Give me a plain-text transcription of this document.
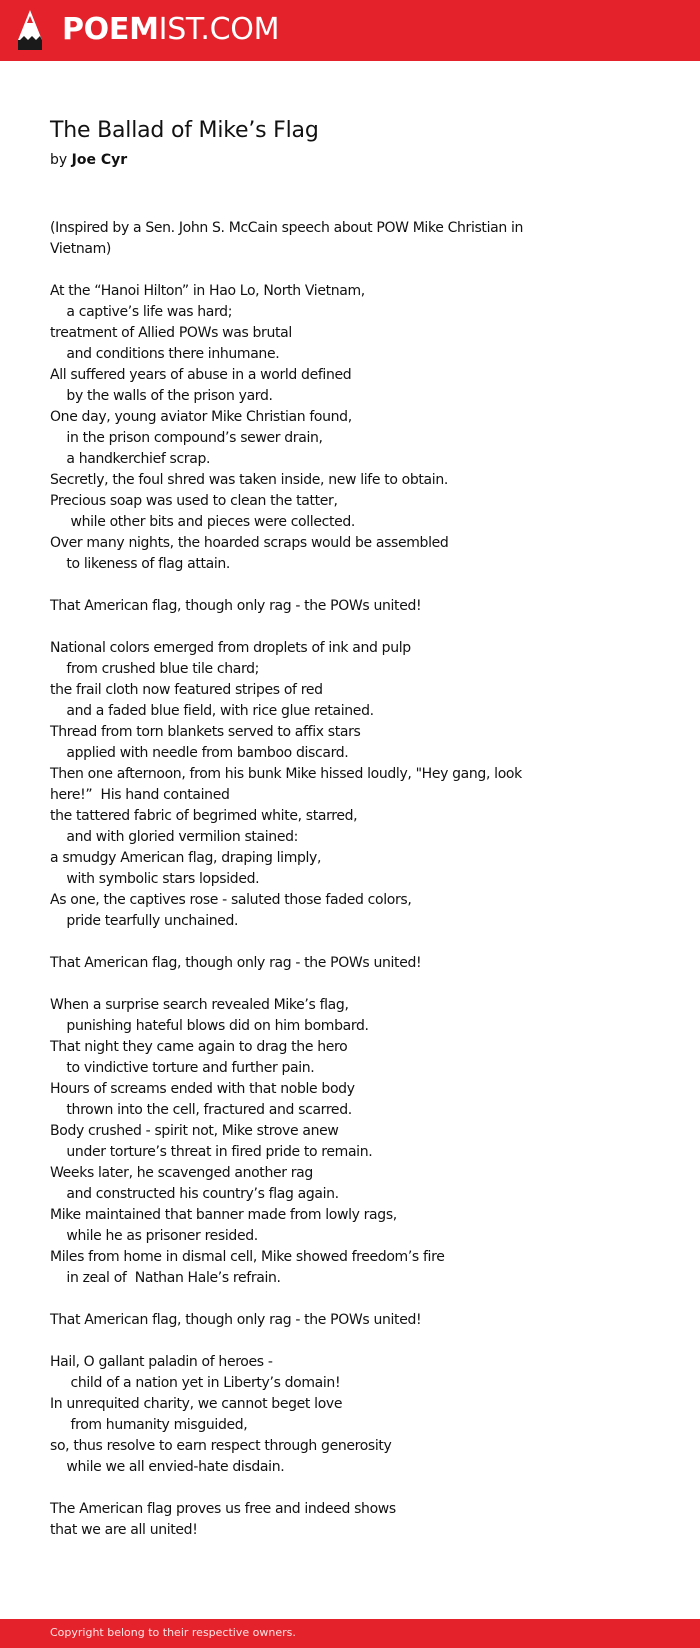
POEMIST.COM
The Ballad of Mike’s Flag

by Joe Cyr

(Inspired by a Sen. John S. McCain speech about POW Mike Christian in
Vietnam)

At the “Hanoi Hilton” in Hao Lo, North Vietnam,
a captive’s life was hard;
treatment of Allied POWs was brutal
and conditions there inhumane.
All suffered years of abuse in a world defined
by the walls of the prison yard.
One day, young aviator Mike Christian found,
in the prison compound’s sewer drain,
a handkerchief scrap.
Secretly, the foul shred was taken inside, new life to obtain.
Precious soap was used to clean the tatter,
while other bits and pieces were collected.
Over many nights, the hoarded scraps would be assembled
to likeness of flag attain.

That American flag, though only rag - the POWs united!

National colors emerged from droplets of ink and pulp
from crushed blue tile chard;
the frail cloth now featured stripes of red
and a faded blue field, with rice glue retained.
Thread from torn blankets served to affix stars
applied with needle from bamboo discard.
Then one afternoon, from his bunk Mike hissed loudly, "Hey gang, look
here!”  His hand contained
the tattered fabric of begrimed white, starred,
and with gloried vermilion stained:
a smudgy American flag, draping limply,
with symbolic stars lopsided.
As one, the captives rose - saluted those faded colors,
pride tearfully unchained.

That American flag, though only rag - the POWs united!

When a surprise search revealed Mike’s flag,
punishing hateful blows did on him bombard.
That night they came again to drag the hero
to vindictive torture and further pain.
Hours of screams ended with that noble body
thrown into the cell, fractured and scarred.
Body crushed - spirit not, Mike strove anew
under torture’s threat in fired pride to remain.
Weeks later, he scavenged another rag
and constructed his country’s flag again.
Mike maintained that banner made from lowly rags,
while he as prisoner resided.
Miles from home in dismal cell, Mike showed freedom’s fire
in zeal of  Nathan Hale’s refrain.

That American flag, though only rag - the POWs united!

Hail, O gallant paladin of heroes -
child of a nation yet in Liberty’s domain!
In unrequited charity, we cannot beget love
from humanity misguided,
so, thus resolve to earn respect through generosity
while we all envied-hate disdain.

The American flag proves us free and indeed shows
that we are all united!
Copyright belong to their respective owners.
